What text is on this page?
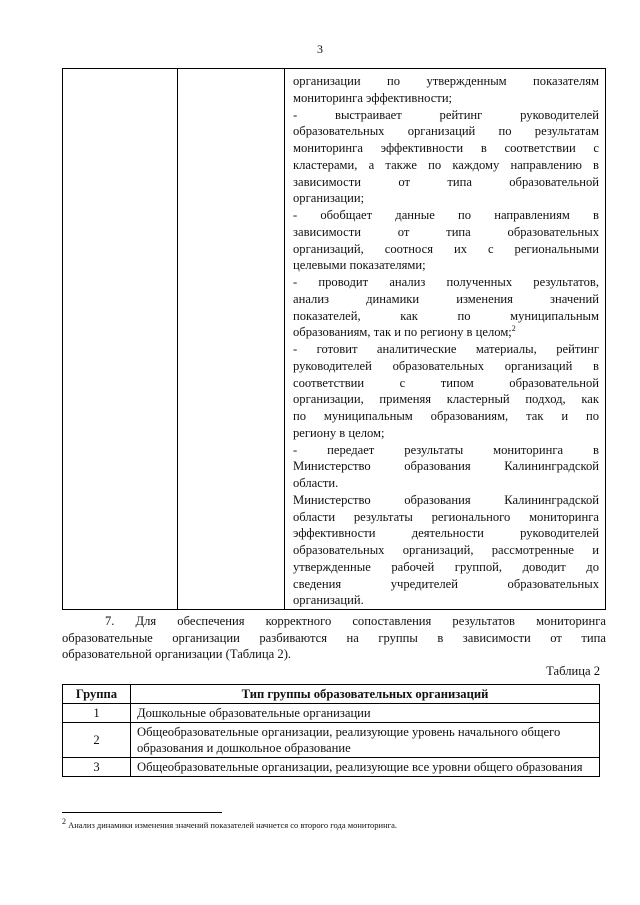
3

организации по утвержденным показателям
мониторинга эффективности;
- выстраивает рейтинг руководителей
образовательных организаций по результатам
мониторинга эффективности в соответствии с
кластерами, а также по каждому направлению в
зависимости от типа образовательной
организации;
- обобщает данные по направлениям в
зависимости от типа образовательных
организаций, соотнося их с региональными
целевыми показателями;
- проводит анализ полученных результатов,
анализ динамики изменения значений
показателей, как по муниципальным
образованиям, так и по региону в целом;$^2$
- готовит аналитические материалы, рейтинг
руководителей образовательных организаций в
соответствии с типом образовательной
организации, применяя кластерный подход, как
по муниципальным образованиям, так и по
региону в целом;
- передает результаты мониторинга в
Министерство образования Калининградской
области.
Министерство образования Калининградской
области результаты регионального мониторинга
эффективности деятельности руководителей
образовательных организаций, рассмотренные и
утвержденные рабочей группой, доводит до
сведения учредителей образовательных
организаций.
7. Для обеспечения корректного сопоставления результатов мониторинга
образовательные организации разбиваются на группы в зависимости от типа
образовательной организации (Таблица 2).
Таблица 2
Группа	Тип группы образовательных организаций
1	Дошкольные образовательные организации
2	Общеобразовательные организации, реализующие уровень начального общего образования и дошкольное образование
3	Общеобразовательные организации, реализующие все уровни общего образования
$^2$ Анализ динамики изменения значений показателей начнется со второго года мониторинга.
